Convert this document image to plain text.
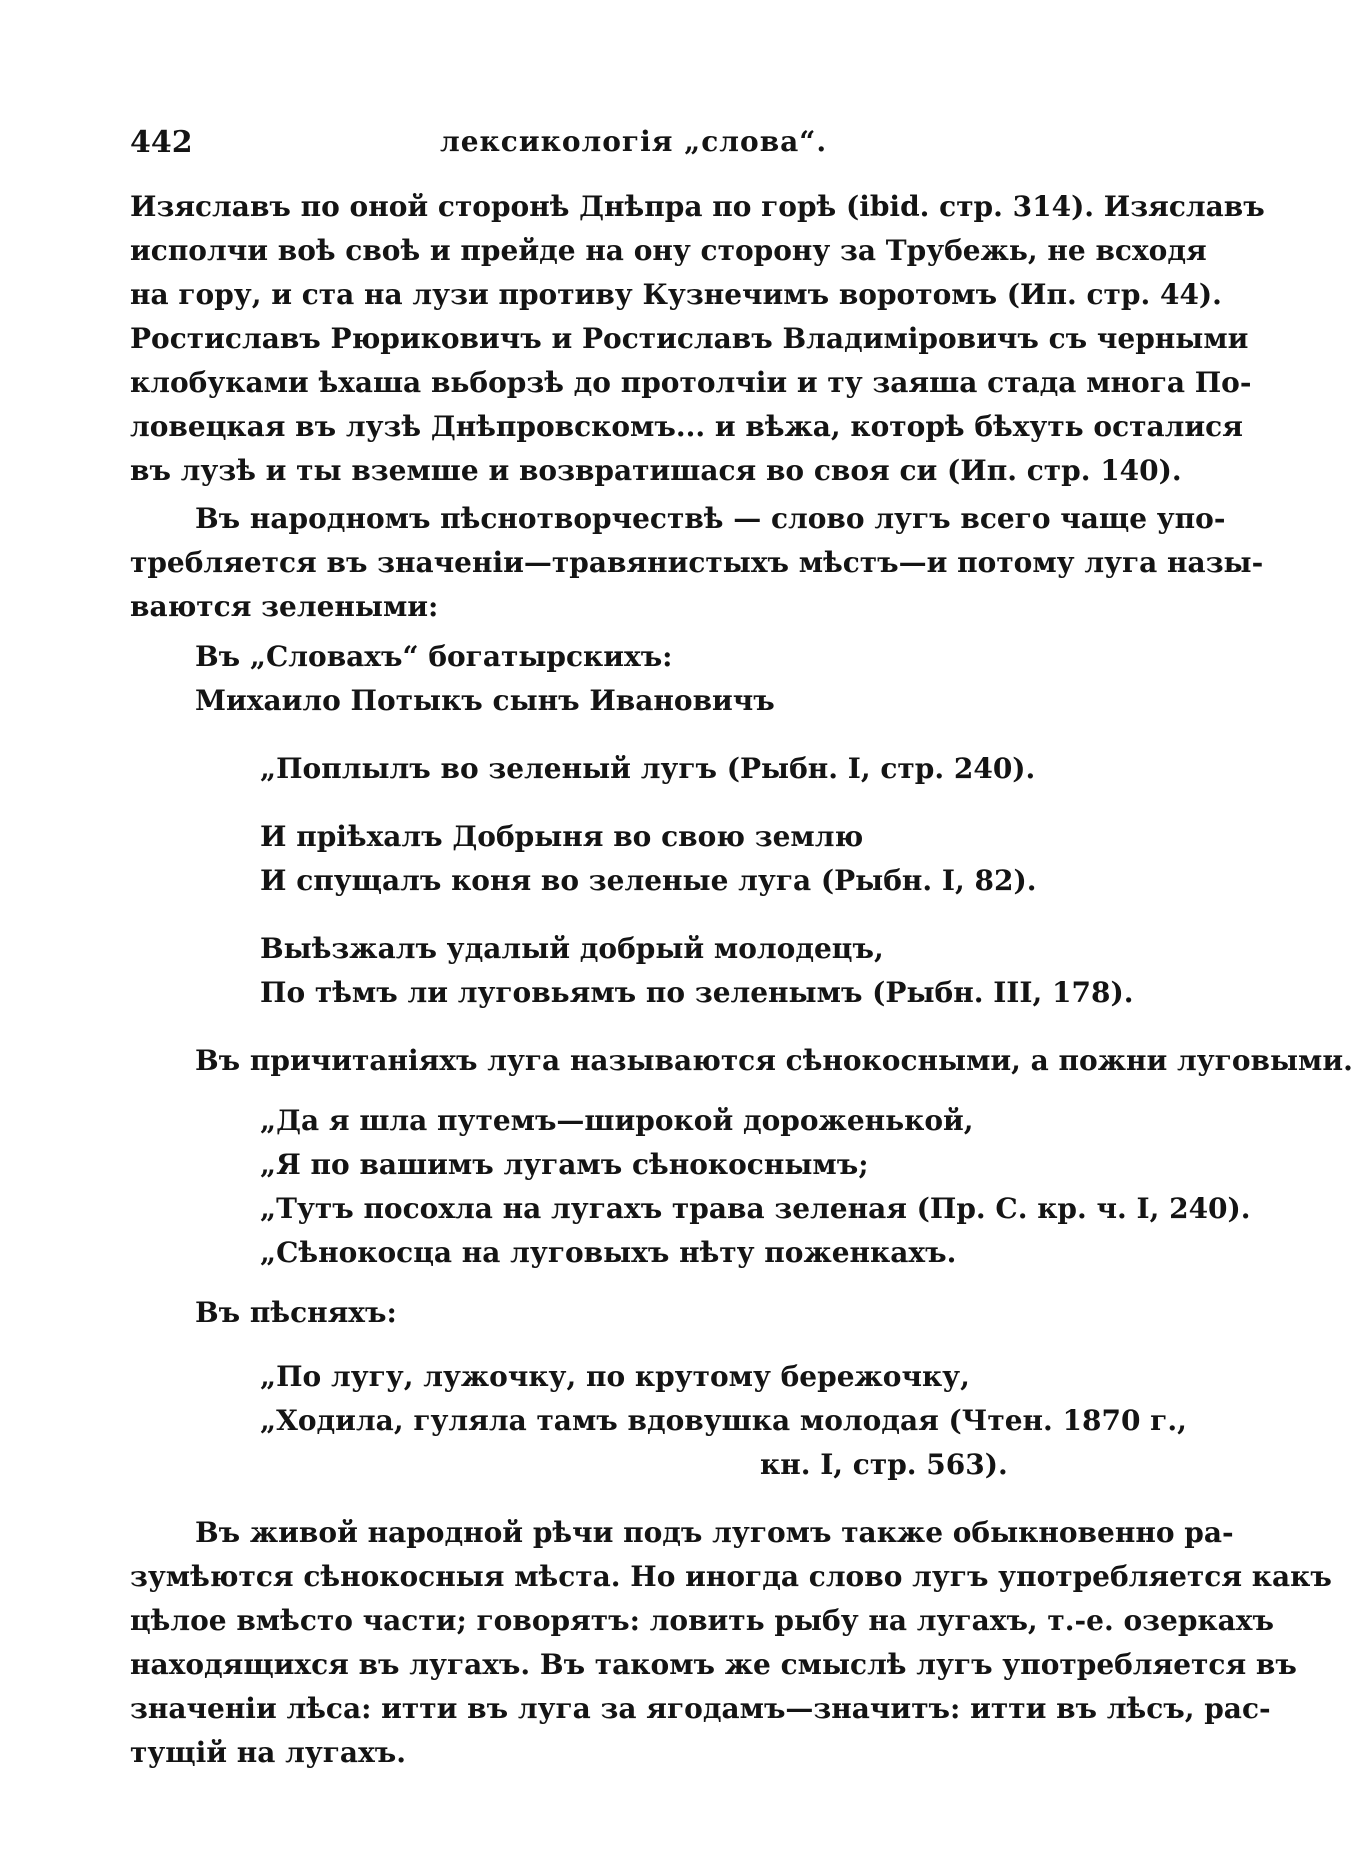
442	лексикологія „слова“.
Изяславъ по оной сторонѣ Днѣпра по горѣ (ibid. стр. 314). Изяславъ
исполчи воѣ своѣ и прейде на ону сторону за Трубежь, не всходя
на гору, и ста на лузи противу Кузнечимъ воротомъ (Ип. стр. 44).
Ростиславъ Рюриковичъ и Ростиславъ Владиміровичъ съ черными
клобуками ѣхаша вьборзѣ до протолчіи и ту заяша стада многа По-
ловецкая въ лузѣ Днѣпровскомъ... и вѣжа, которѣ бѣхуть осталися
въ лузѣ и ты вземше и возвратишася во своя си (Ип. стр. 140).
Въ народномъ пѣснотворчествѣ — слово лугъ всего чаще упо-
требляется въ значеніи—травянистыхъ мѣстъ—и потому луга назы-
ваются зелеными:
Въ „Словахъ“ богатырскихъ:
Михаило Потыкъ сынъ Ивановичъ
„Поплылъ во зеленый лугъ (Рыбн. I, стр. 240).
И пріѣхалъ Добрыня во свою землю
И спущалъ коня во зеленые луга (Рыбн. I, 82).
Выѣзжалъ удалый добрый молодецъ,
По тѣмъ ли луговьямъ по зеленымъ (Рыбн. III, 178).
Въ причитаніяхъ луга называются сѣнокосными, а пожни луговыми.
„Да я шла путемъ—широкой дороженькой,
„Я по вашимъ лугамъ сѣнокоснымъ;
„Тутъ посохла на лугахъ трава зеленая (Пр. С. кр. ч. I, 240).
„Сѣнокосца на луговыхъ нѣту поженкахъ.
Въ пѣсняхъ:
„По лугу, лужочку, по крутому бережочку,
„Ходила, гуляла тамъ вдовушка молодая (Чтен. 1870 г.,
кн. I, стр. 563).
Въ живой народной рѣчи подъ лугомъ также обыкновенно ра-
зумѣются сѣнокосныя мѣста. Но иногда слово лугъ употребляется какъ
цѣлое вмѣсто части; говорятъ: ловить рыбу на лугахъ, т.-е. озеркахъ
находящихся въ лугахъ. Въ такомъ же смыслѣ лугъ употребляется въ
значеніи лѣса: итти въ луга за ягодамъ—значитъ: итти въ лѣсъ, рас-
тущій на лугахъ.
